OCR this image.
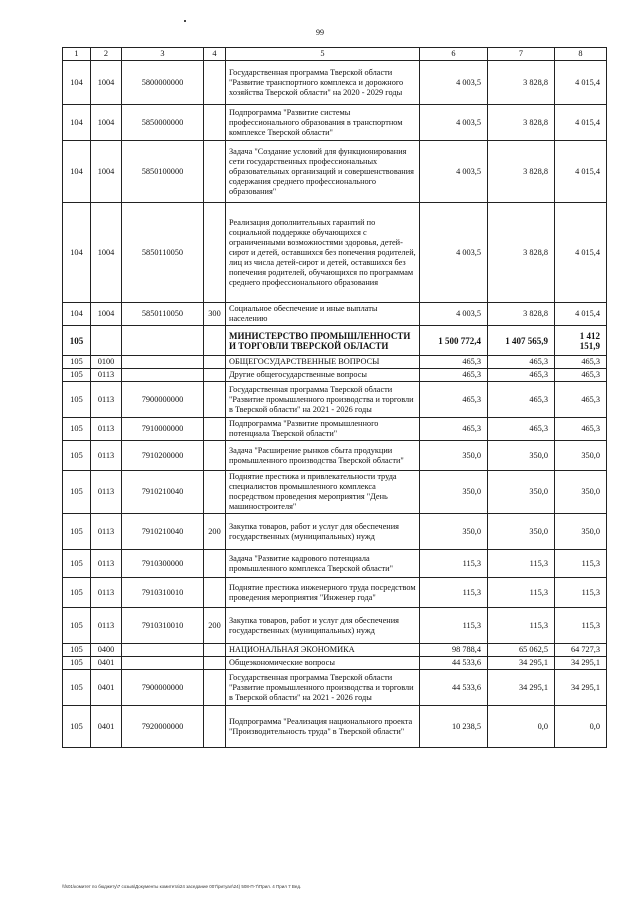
99
1	2	3	4	5	6	7	8
104	1004	5800000000		Государственная программа Тверской области "Развитие транспортного комплекса и дорожного хозяйства Тверской области" на 2020 - 2029 годы	4 003,5	3 828,8	4 015,4
104	1004	5850000000		Подпрограмма "Развитие системы профессионального образования в транспортном комплексе Тверской области"	4 003,5	3 828,8	4 015,4
104	1004	5850100000		Задача "Создание условий для функционирования сети государственных профессиональных образовательных организаций и совершенствования содержания среднего профессионального образования"	4 003,5	3 828,8	4 015,4
104	1004	5850110050		Реализация дополнительных гарантий по социальной поддержке обучающихся с ограниченными возможностями здоровья, детей-сирот и детей, оставшихся без попечения родителей, лиц из числа детей-сирот и детей, оставшихся без попечения родителей, обучающихся по программам среднего профессионального образования	4 003,5	3 828,8	4 015,4
104	1004	5850110050	300	Социальное обеспечение и иные выплаты населению	4 003,5	3 828,8	4 015,4
105				МИНИСТЕРСТВО ПРОМЫШЛЕННОСТИ И ТОРГОВЛИ ТВЕРСКОЙ ОБЛАСТИ	1 500 772,4	1 407 565,9	1 412 151,9
105	0100			ОБЩЕГОСУДАРСТВЕННЫЕ ВОПРОСЫ	465,3	465,3	465,3
105	0113			Другие общегосударственные вопросы	465,3	465,3	465,3
105	0113	7900000000		Государственная программа Тверской области "Развитие промышленного производства и торговли в Тверской области" на 2021 - 2026 годы	465,3	465,3	465,3
105	0113	7910000000		Подпрограмма "Развитие промышленного потенциала Тверской области"	465,3	465,3	465,3
105	0113	7910200000		Задача "Расширение рынков сбыта продукции промышленного производства Тверской области"	350,0	350,0	350,0
105	0113	7910210040		Поднятие престижа и привлекательности труда специалистов промышленного комплекса посредством проведения мероприятия "День машиностроителя"	350,0	350,0	350,0
105	0113	7910210040	200	Закупка товаров, работ и услуг для обеспечения государственных (муниципальных) нужд	350,0	350,0	350,0
105	0113	7910300000		Задача "Развитие кадрового потенциала промышленного комплекса Тверской области"	115,3	115,3	115,3
105	0113	7910310010		Поднятие престижа инженерного труда посредством проведения мероприятия "Инженер года"	115,3	115,3	115,3
105	0113	7910310010	200	Закупка товаров, работ и услуг для обеспечения государственных (муниципальных) нужд	115,3	115,3	115,3
105	0400			НАЦИОНАЛЬНАЯ ЭКОНОМИКА	98 788,4	65 062,5	64 727,3
105	0401			Общеэкономические вопросы	44 533,6	34 295,1	34 295,1
105	0401	7900000000		Государственная программа Тверской области "Развитие промышленного производства и торговли в Тверской области" на 2021 - 2026 годы	44 533,6	34 295,1	34 295,1
105	0401	7920000000		Подпрограмма "Реализация национального проекта "Производительность труда" в Тверской области"	10 238,5	0,0	0,0
\\fs01\комитет по бюджету\7 созыв\Документы комитета\24 заседание 007\ритуал\24) 508-П-7\Прил. 4 Прил 7 Вед.
